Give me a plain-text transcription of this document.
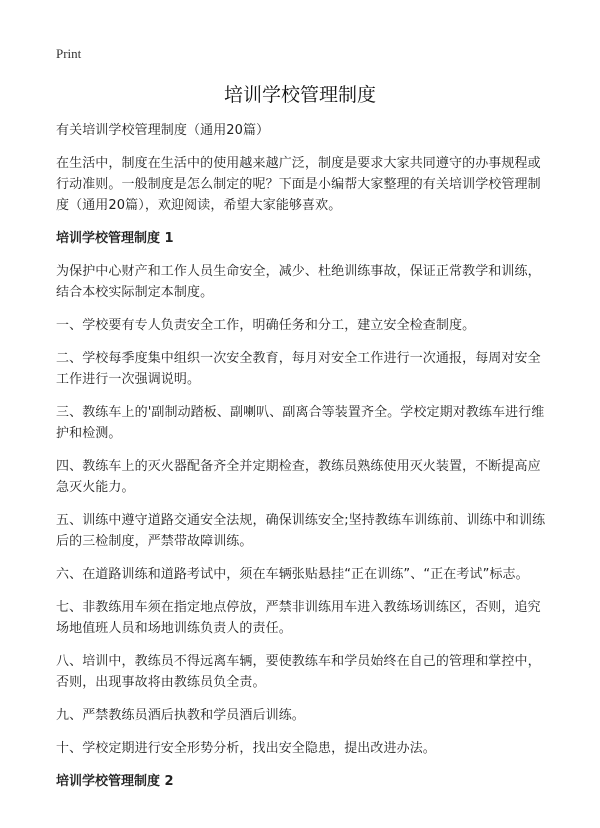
Print
培训学校管理制度

有关培训学校管理制度（通用20篇）

在生活中，制度在生活中的使用越来越广泛，制度是要求大家共同遵守的办事规程或行动准则。一般制度是怎么制定的呢？下面是小编帮大家整理的有关培训学校管理制度（通用20篇），欢迎阅读，希望大家能够喜欢。

培训学校管理制度 1

为保护中心财产和工作人员生命安全，减少、杜绝训练事故，保证正常教学和训练，结合本校实际制定本制度。

一、学校要有专人负责安全工作，明确任务和分工，建立安全检查制度。

二、学校每季度集中组织一次安全教育，每月对安全工作进行一次通报，每周对安全工作进行一次强调说明。

三、教练车上的'副制动踏板、副喇叭、副离合等装置齐全。学校定期对教练车进行维护和检测。

四、教练车上的灭火器配备齐全并定期检查，教练员熟练使用灭火装置，不断提高应急灭火能力。

五、训练中遵守道路交通安全法规，确保训练安全;坚持教练车训练前、训练中和训练后的三检制度，严禁带故障训练。

六、在道路训练和道路考试中，须在车辆张贴悬挂“正在训练”、“正在考试”标志。

七、非教练用车须在指定地点停放，严禁非训练用车进入教练场训练区，否则，追究场地值班人员和场地训练负责人的责任。

八、培训中，教练员不得远离车辆，要使教练车和学员始终在自己的管理和掌控中，否则，出现事故将由教练员负全责。

九、严禁教练员酒后执教和学员酒后训练。

十、学校定期进行安全形势分析，找出安全隐患，提出改进办法。

培训学校管理制度 2
